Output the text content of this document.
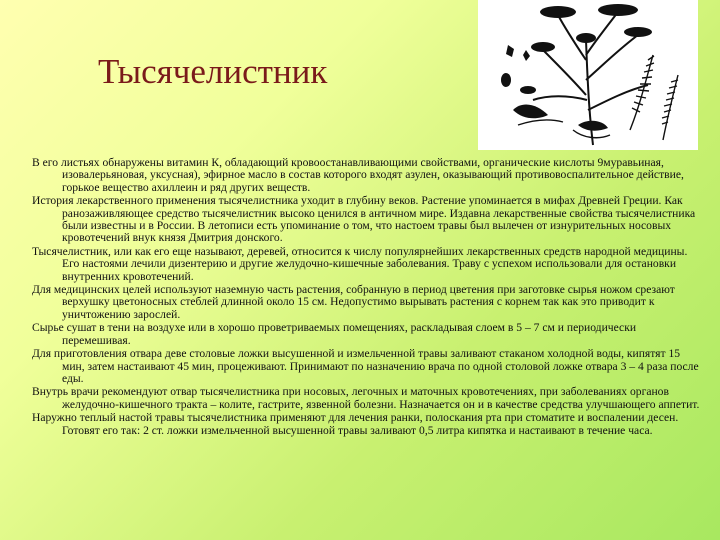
Тысячелистник

В его листьях обнаружены витамин К, обладающий кровоостанавливающими свойствами, органические кислоты 9муравьиная, изовалерьяновая, уксусная), эфирное масло в состав которого входят азулен, оказывающий противовоспалительное действие, горькое вещество ахиллеин и ряд других веществ.

История лекарственного применения тысячелистника уходит в глубину веков. Растение упоминается в мифах Древней Греции. Как ранозаживляющее средство тысячелистник высоко ценился в античном мире. Издавна лекарственные свойства тысячелистника были известны и в России. В летописи есть упоминание о том, что настоем травы был вылечен от изнурительных носовых кровотечений внук князя Дмитрия донского.

Тысячелистник, или как его еще называют, деревей, относится к числу популярнейших лекарственных средств народной медицины. Его настоями лечили дизентерию и другие желудочно-кишечные заболевания. Траву с успехом использовали для остановки внутренних кровотечений.

Для медицинских целей используют наземную часть растения, собранную в период цветения при заготовке сырья ножом срезают верхушку цветоносных стеблей длинной около 15 см. Недопустимо вырывать растения с корнем так как это приводит к уничтожению зарослей.

Сырье сушат в тени на воздухе или в хорошо проветриваемых помещениях, раскладывая слоем в 5 – 7 см и периодически перемешивая.

Для приготовления отвара деве столовые ложки высушенной и измельченной травы заливают стаканом холодной воды, кипятят 15 мин, затем настаивают 45 мин, процеживают. Принимают по назначению врача по одной столовой ложке отвара 3 – 4 раза после еды.

Внутрь врачи рекомендуют отвар тысячелистника при носовых, легочных и маточных кровотечениях, при заболеваниях органов желудочно-кишечного тракта – колите, гастрите, язвенной болезни. Назначается он и в качестве средства улучшающего аппетит.

Наружно теплый настой травы тысячелистника применяют для лечения ранки, полоскания рта при стоматите и воспалении десен. Готовят его так: 2 ст. ложки измельченной высушенной травы заливают 0,5 литра кипятка и настаивают в течение часа.
